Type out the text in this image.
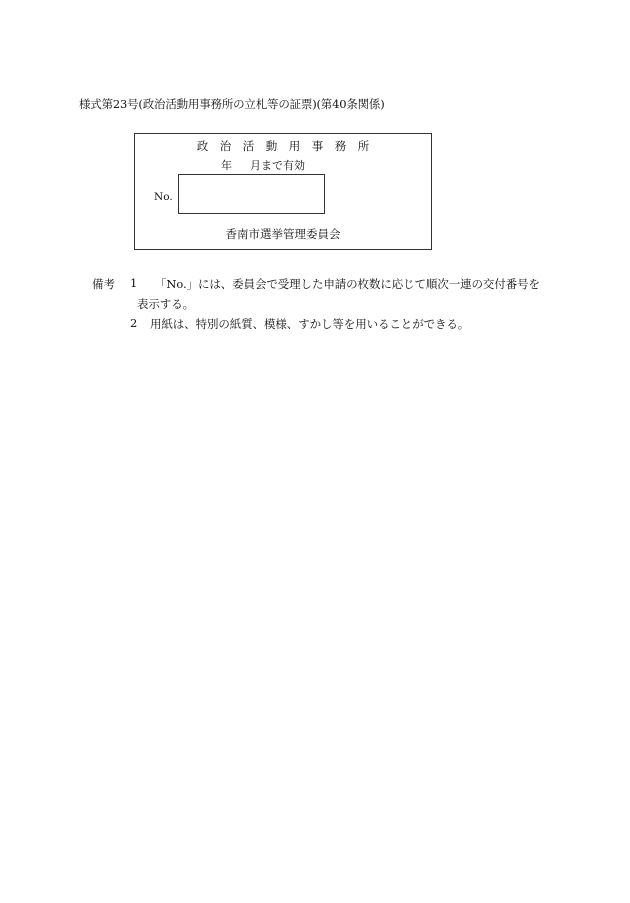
様式第23号(政治活動用事務所の立札等の証票)(第40条関係)
政　治　活　動　用　事　務　所
年 月まで有効
No.
香南市選挙管理委員会
備考 1 「No.」には、委員会で受理した申請の枚数に応じて順次一連の交付番号を
表示する。
2 用紙は、特別の紙質、模様、すかし等を用いることができる。
